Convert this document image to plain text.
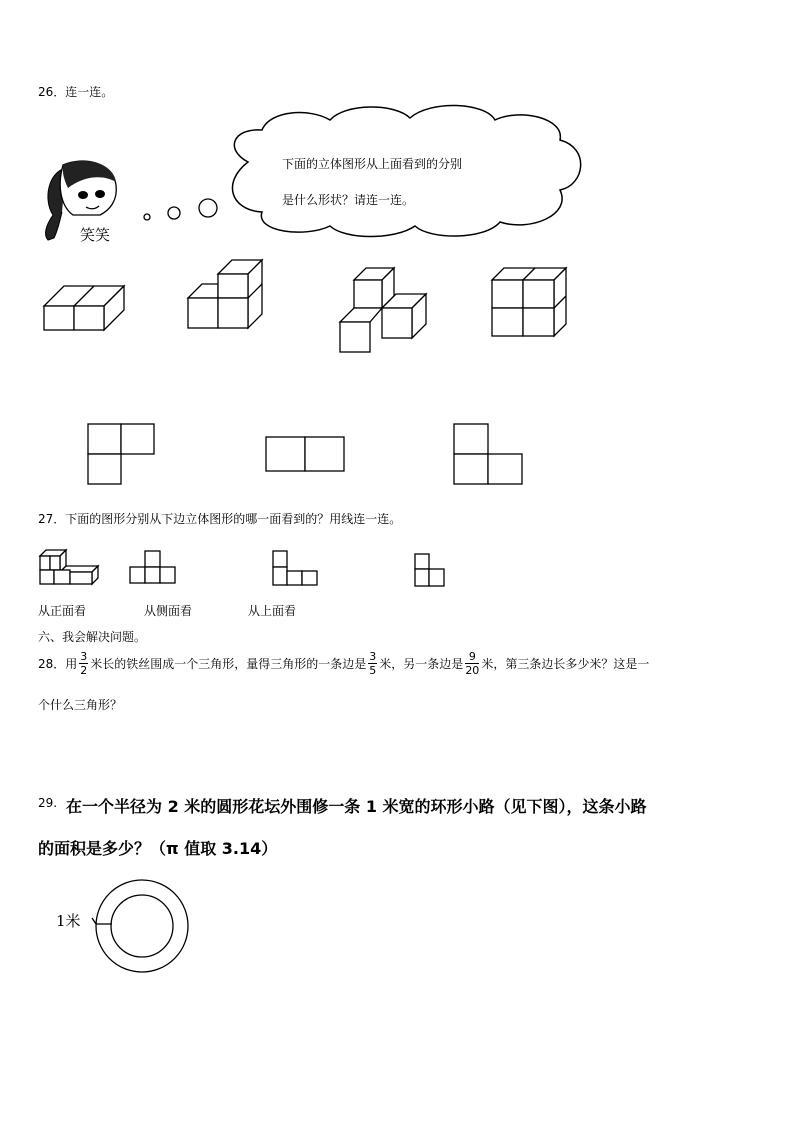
26．连一连。
下面的立体图形从上面看到的分别
是什么形状？请连一连。
笑笑
27．下面的图形分别从下边立体图形的哪一面看到的？用线连一连。
从正面看	从侧面看	从上面看
六、我会解决问题。
28．用 $\frac{3}{2}$ 米长的铁丝围成一个三角形，量得三角形的一条边是 $\frac{3}{5}$ 米，另一条边是 $\frac{9}{20}$ 米，第三条边长多少米？这是一
个什么三角形？
29. 在一个半径为 2 米的圆形花坛外围修一条 1 米宽的环形小路（见下图），这条小路
的面积是多少？（π 值取 3.14）
1米
